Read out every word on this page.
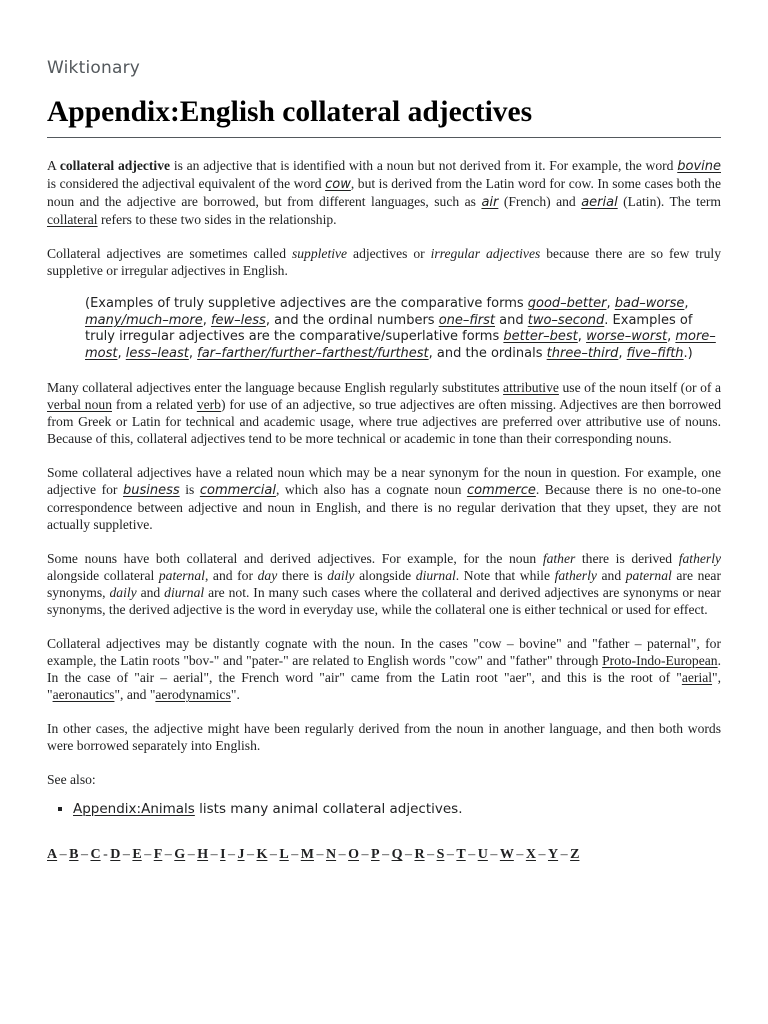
Wiktionary
Appendix:English collateral adjectives

A collateral adjective is an adjective that is identified with a noun but not derived from it. For example, the word bovine is considered the adjectival equivalent of the word cow, but is derived from the Latin word for cow. In some cases both the noun and the adjective are borrowed, but from different languages, such as air (French) and aerial (Latin). The term collateral refers to these two sides in the relationship.

Collateral adjectives are sometimes called suppletive adjectives or irregular adjectives because there are so few truly suppletive or irregular adjectives in English.

(Examples of truly suppletive adjectives are the comparative forms good–better, bad–worse, many/much–more, few–less, and the ordinal numbers one–first and two–second. Examples of truly irregular adjectives are the comparative/superlative forms better–best, worse–worst, more–most, less–least, far–farther/further–farthest/furthest, and the ordinals three–third, five–fifth.)

Many collateral adjectives enter the language because English regularly substitutes attributive use of the noun itself (or of a verbal noun from a related verb) for use of an adjective, so true adjectives are often missing. Adjectives are then borrowed from Greek or Latin for technical and academic usage, where true adjectives are preferred over attributive use of nouns. Because of this, collateral adjectives tend to be more technical or academic in tone than their corresponding nouns.

Some collateral adjectives have a related noun which may be a near synonym for the noun in question. For example, one adjective for business is commercial, which also has a cognate noun commerce. Because there is no one-to-one correspondence between adjective and noun in English, and there is no regular derivation that they upset, they are not actually suppletive.

Some nouns have both collateral and derived adjectives. For example, for the noun father there is derived fatherly alongside collateral paternal, and for day there is daily alongside diurnal. Note that while fatherly and paternal are near synonyms, daily and diurnal are not. In many such cases where the collateral and derived adjectives are synonyms or near synonyms, the derived adjective is the word in everyday use, while the collateral one is either technical or used for effect.

Collateral adjectives may be distantly cognate with the noun. In the cases "cow – bovine" and "father – paternal", for example, the Latin roots "bov-" and "pater-" are related to English words "cow" and "father" through Proto-Indo-European. In the case of "air – aerial", the French word "air" came from the Latin root "aer", and this is the root of "aerial", "aeronautics", and "aerodynamics".

In other cases, the adjective might have been regularly derived from the noun in another language, and then both words were borrowed separately into English.

See also:

▪ Appendix:Animals lists many animal collateral adjectives.
A – B – C - D – E – F – G – H – I – J – K – L – M – N – O – P – Q – R – S – T – U – W – X – Y – Z
